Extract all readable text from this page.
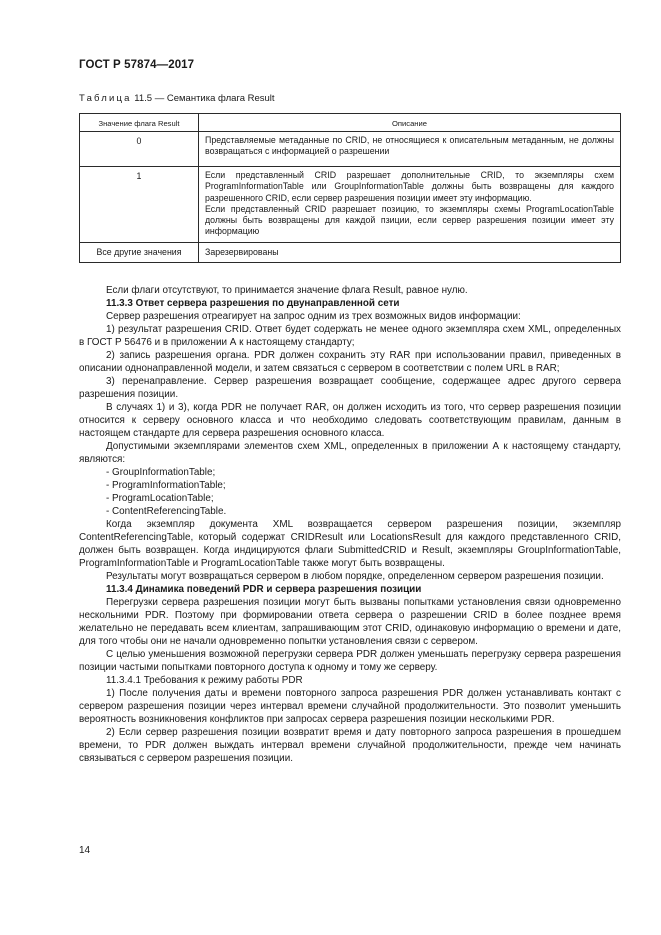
ГОСТ Р 57874—2017
Таблица 11.5 — Семантика флага Result
Значение флага Result	Описание
0	Представляемые метаданные по CRID, не относящиеся к описательным метаданным, не должны возвращаться с информацией о разрешении

1	Если представленный CRID разрешает дополнительные CRID, то экземпляры схем ProgramInformationTable или GroupInformationTable должны быть возвращены для каждого разрешенного CRID, если сервер разрешения позиции имеет эту информацию.
Если представленный CRID разрешает позицию, то экземпляры схемы ProgramLocationTable должны быть возвращены для каждой пзиции, если сервер разрешения позиции имеет эту информацию

Все другие значения	Зарезервированы

Если флаги отсутствуют, то принимается значение флага Result, равное нулю.

11.3.3 Ответ сервера разрешения по двунаправленной сети

Сервер разрешения отреагирует на запрос одним из трех возможных видов информации:

1) результат разрешения CRID. Ответ будет содержать не менее одного экземпляра схем XML, определенных в ГОСТ Р 56476 и в приложении А к настоящему стандарту;

2) запись разрешения органа. PDR должен сохранить эту RAR при использовании правил, приведенных в описании однонаправленной модели, и затем связаться с сервером в соответствии с полем URL в RAR;

3) перенаправление. Сервер разрешения возвращает сообщение, содержащее адрес другого сервера разрешения позиции.

В случаях 1) и 3), когда PDR не получает RAR, он должен исходить из того, что сервер разрешения позиции относится к серверу основного класса и что необходимо следовать соответствующим правилам, данным в настоящем стандарте для сервера разрешения основного класса.

Допустимыми экземплярами элементов схем XML, определенных в приложении А к настоящему стандарту, являются:

- GroupInformationTable;

- ProgramInformationTable;

- ProgramLocationTable;

- ContentReferencingTable.

Когда экземпляр документа XML возвращается сервером разрешения позиции, экземпляр ContentReferencingTable, который содержат CRIDResult или LocationsResult для каждого представленного CRID, должен быть возвращен. Когда индицируются флаги SubmittedCRID и Result, экземпляры GroupInformationTable, ProgramInformationTable и ProgramLocationTable также могут быть возвращены.

Результаты могут возвращаться сервером в любом порядке, определенном сервером разрешения позиции.

11.3.4 Динамика поведений PDR и сервера разрешения позиции

Перегрузки сервера разрешения позиции могут быть вызваны попытками установления связи одновременно нескольними PDR. Поэтому при формировании ответа сервера о разрешении CRID в более позднее время желательно не передавать всем клиентам, запрашивающим этот CRID, одинаковую информацию о времени и дате, для того чтобы они не начали одновременно попытки установления связи с сервером.

С целью уменьшения возможной перегрузки сервера PDR должен уменьшать перегрузку сервера разрешения позиции частыми попытками повторного доступа к одному и тому же серверу.

11.3.4.1 Требования к режиму работы PDR

1) После получения даты и времени повторного запроса разрешения PDR должен устанавливать контакт с сервером разрешения позиции через интервал времени случайной продолжительности. Это позволит уменьшить вероятность возникновения конфликтов при запросах сервера разрешения позиции несколькими PDR.

2) Если сервер разрешения позиции возвратит время и дату повторного запроса разрешения в прошедшем времени, то PDR должен выждать интервал времени случайной продолжительности, прежде чем начинать связываться с сервером разрешения позиции.

14
